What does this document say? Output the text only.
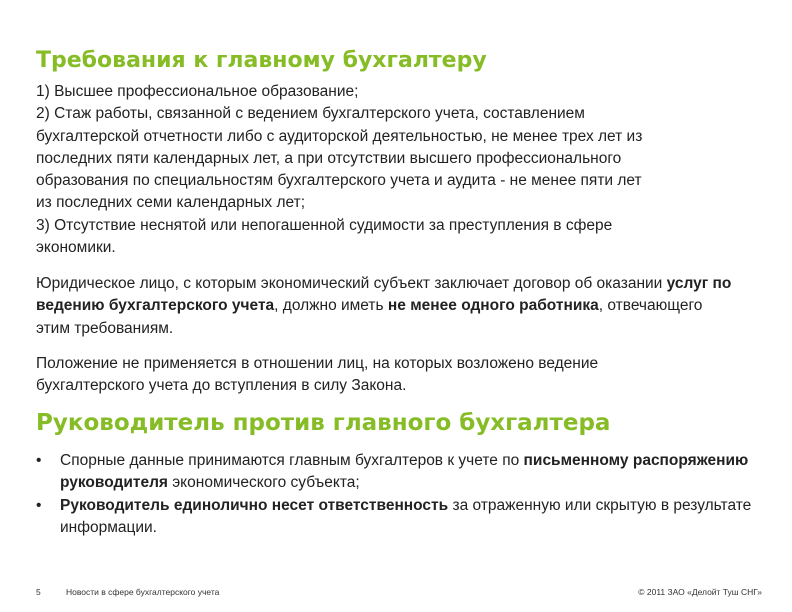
Требования к главному бухгалтеру

1) Высшее профессиональное образование;

2) Стаж работы, связанной с ведением бухгалтерского учета, составлением

бухгалтерской отчетности либо с аудиторской деятельностью, не менее трех лет из

последних пяти календарных лет, а при отсутствии высшего профессионального

образования по специальностям бухгалтерского учета и аудита - не менее пяти лет

из последних семи календарных лет;

3) Отсутствие неснятой или непогашенной судимости за преступления в сфере

экономики.

Юридическое лицо, с которым экономический субъект заключает договор об оказании услуг по ведению бухгалтерского учета, должно иметь не менее одного работника, отвечающего этим требованиям.

Положение не применяется в отношении лиц, на которых возложено ведение

бухгалтерского учета до вступления в силу Закона.

Руководитель против главного бухгалтера
• Спорные данные принимаются главным бухгалтеров к учете по письменному распоряжению руководителя экономического субъекта;
• Руководитель единолично несет ответственность за отраженную или скрытую в результате информации.
5	Новости в сфере бухгалтерского учета	© 2011 ЗАО «Делойт Туш СНГ»
